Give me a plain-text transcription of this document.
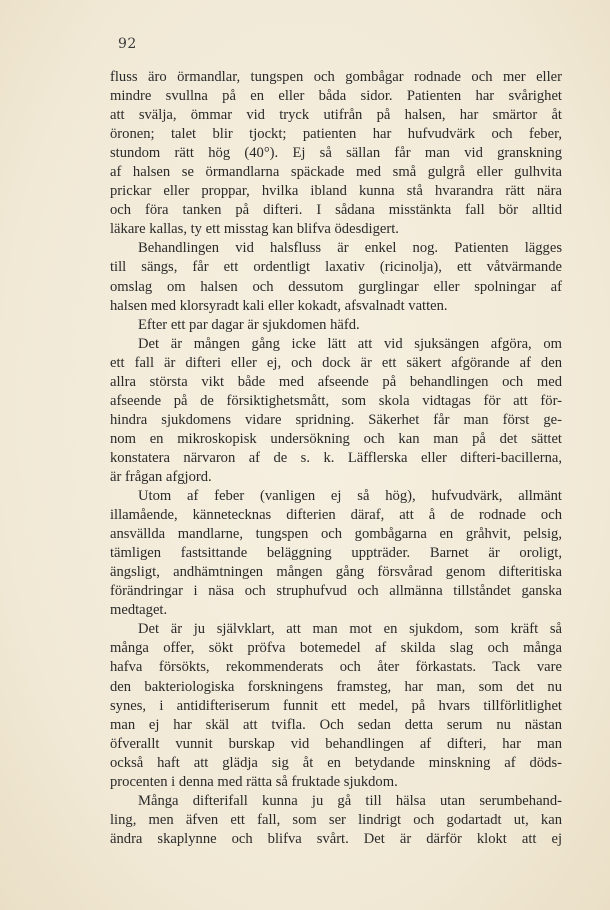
92
fluss äro örmandlar, tungspen och gombågar rodnade och mer eller
mindre svullna på en eller båda sidor. Patienten har svårighet
att svälja, ömmar vid tryck utifrån på halsen, har smärtor åt
öronen; talet blir tjockt; patienten har hufvudvärk och feber,
stundom rätt hög (40°). Ej så sällan får man vid granskning
af halsen se örmandlarna späckade med små gulgrå eller gulhvita
prickar eller proppar, hvilka ibland kunna stå hvarandra rätt nära
och föra tanken på difteri. I sådana misstänkta fall bör alltid
läkare kallas, ty ett misstag kan blifva ödesdigert.
Behandlingen vid halsfluss är enkel nog. Patienten lägges
till sängs, får ett ordentligt laxativ (ricinolja), ett våtvärmande
omslag om halsen och dessutom gurglingar eller spolningar af
halsen med klorsyradt kali eller kokadt, afsvalnadt vatten.
Efter ett par dagar är sjukdomen häfd.
Det är mången gång icke lätt att vid sjuksängen afgöra, om
ett fall är difteri eller ej, och dock är ett säkert afgörande af den
allra största vikt både med afseende på behandlingen och med
afseende på de försiktighetsmått, som skola vidtagas för att för-
hindra sjukdomens vidare spridning. Säkerhet får man först ge-
nom en mikroskopisk undersökning och kan man på det sättet
konstatera närvaron af de s. k. Läfflerska eller difteri-bacillerna,
är frågan afgjord.
Utom af feber (vanligen ej så hög), hufvudvärk, allmänt
illamående, kännetecknas difterien däraf, att å de rodnade och
ansvällda mandlarne, tungspen och gombågarna en gråhvit, pelsig,
tämligen fastsittande beläggning uppträder. Barnet är oroligt,
ängsligt, andhämtningen mången gång försvårad genom difteritiska
förändringar i näsa och struphufvud och allmänna tillståndet ganska
medtaget.
Det är ju självklart, att man mot en sjukdom, som kräft så
många offer, sökt pröfva botemedel af skilda slag och många
hafva försökts, rekommenderats och åter förkastats. Tack vare
den bakteriologiska forskningens framsteg, har man, som det nu
synes, i antidifteriserum funnit ett medel, på hvars tillförlitlighet
man ej har skäl att tvifla. Och sedan detta serum nu nästan
öfverallt vunnit burskap vid behandlingen af difteri, har man
också haft att glädja sig åt en betydande minskning af döds-
procenten i denna med rätta så fruktade sjukdom.
Många difterifall kunna ju gå till hälsa utan serumbehand-
ling, men äfven ett fall, som ser lindrigt och godartadt ut, kan
ändra skaplynne och blifva svårt. Det är därför klokt att ej
